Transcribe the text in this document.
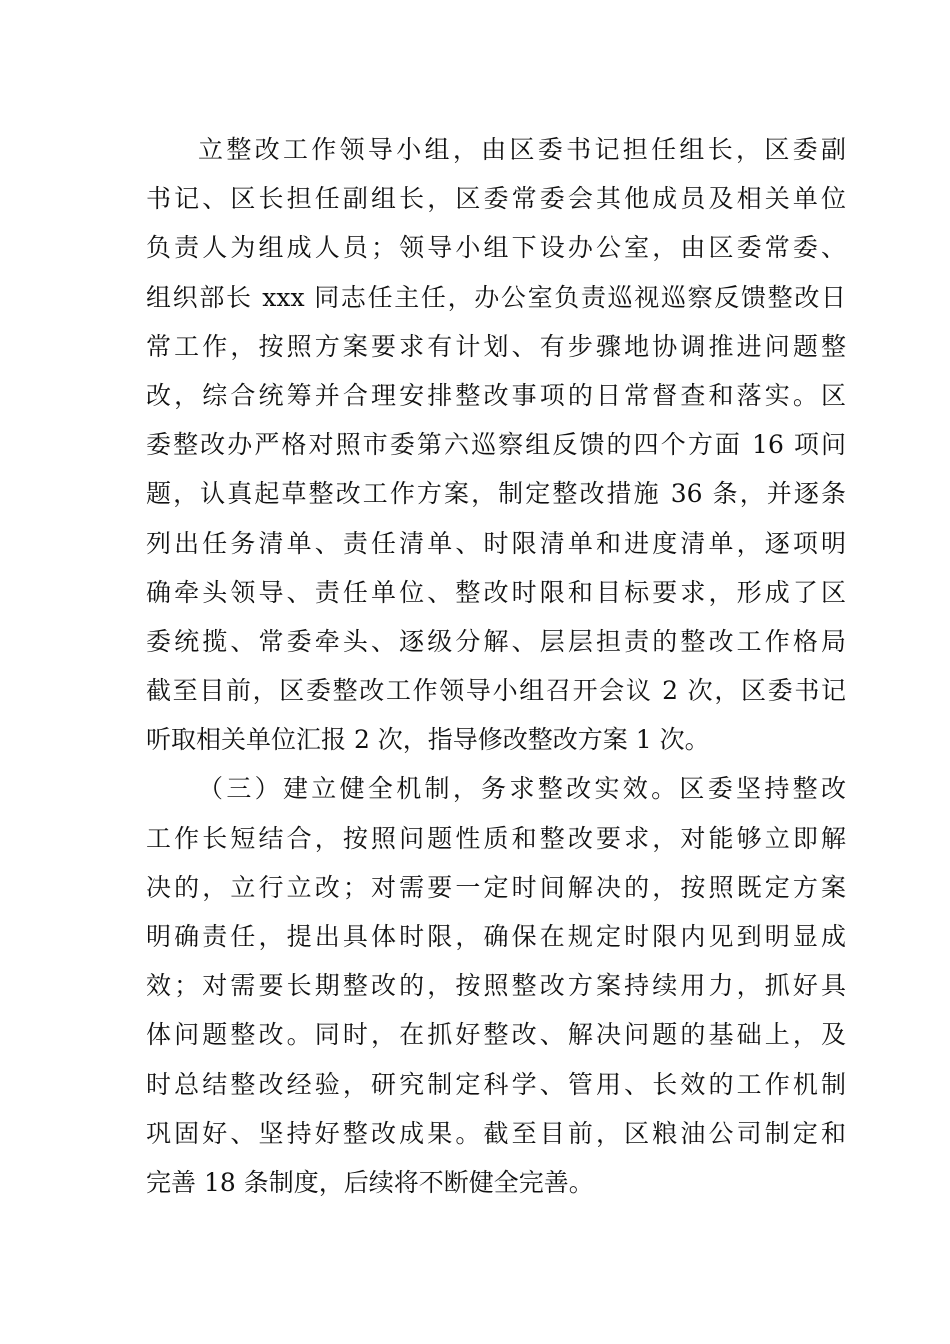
立整改工作领导小组，由区委书记担任组长，区委副
书记、区长担任副组长，区委常委会其他成员及相关单位
负责人为组成人员；领导小组下设办公室，由区委常委、
组织部长 xxx 同志任主任，办公室负责巡视巡察反馈整改日
常工作，按照方案要求有计划、有步骤地协调推进问题整
改，综合统筹并合理安排整改事项的日常督查和落实。区
委整改办严格对照市委第六巡察组反馈的四个方面 16 项问
题，认真起草整改工作方案，制定整改措施 36 条，并逐条
列出任务清单、责任清单、时限清单和进度清单，逐项明
确牵头领导、责任单位、整改时限和目标要求，形成了区
委统揽、常委牵头、逐级分解、层层担责的整改工作格局
截至目前，区委整改工作领导小组召开会议 2 次，区委书记
听取相关单位汇报 2 次，指导修改整改方案 1 次。
（三）建立健全机制，务求整改实效。区委坚持整改
工作长短结合，按照问题性质和整改要求，对能够立即解
决的，立行立改；对需要一定时间解决的，按照既定方案
明确责任，提出具体时限，确保在规定时限内见到明显成
效；对需要长期整改的，按照整改方案持续用力，抓好具
体问题整改。同时，在抓好整改、解决问题的基础上，及
时总结整改经验，研究制定科学、管用、长效的工作机制
巩固好、坚持好整改成果。截至目前，区粮油公司制定和
完善 18 条制度，后续将不断健全完善。
